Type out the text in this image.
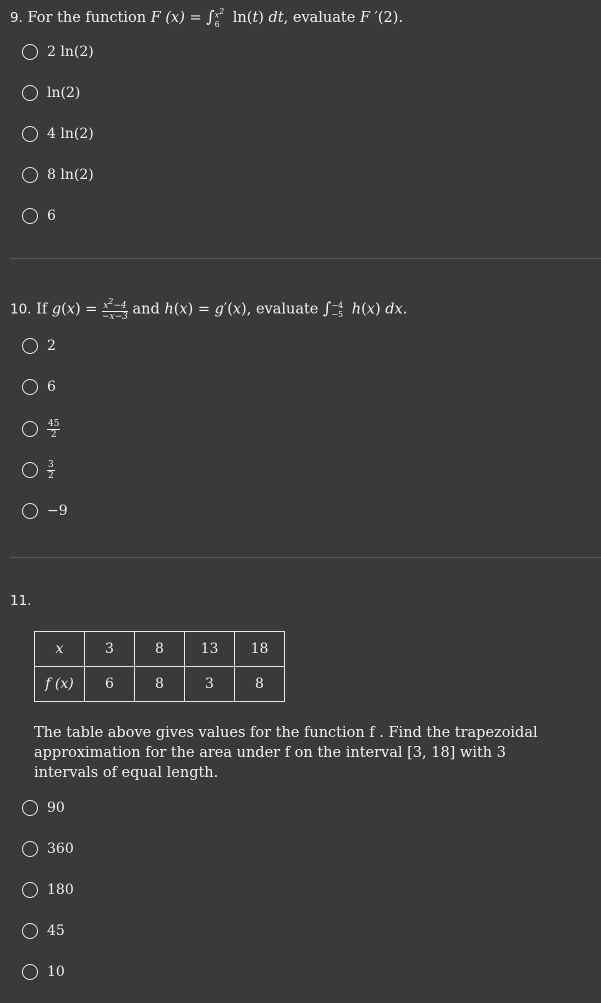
9. For the function F (x) = ∫ $x^2$
6 ln(t) dt, evaluate F ′(2).
2 ln(2)
ln(2)
4 ln(2)
8 ln(2)
6
10. If $g(x) = \frac{x^2-4}{-x-3}$ and h(x) = g′(x), evaluate ∫ −4
−5 h(x) dx.
2
6
$\frac{45}{2}$
$\frac{3}{2}$
−9
11.
x	3	8	13	18
f (x)	6	8	3	8
The table above gives values for the function f . Find the trapezoidal approximation for the area under f on the interval [3, 18] with 3 intervals of equal length.
90
360
180
45
10
